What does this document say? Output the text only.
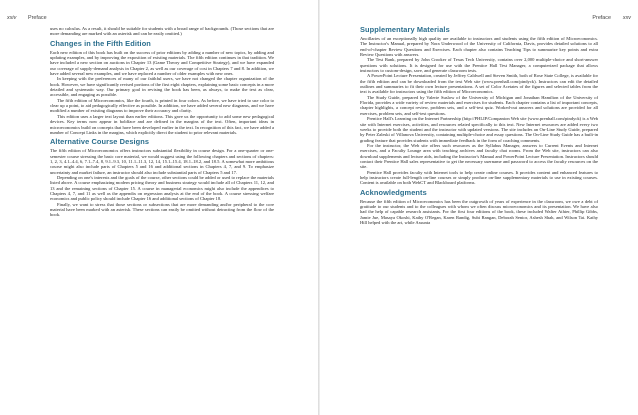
xxiv Preface

uses no calculus. As a result, it should be suitable for students with a broad range of backgrounds. (Those sections that are more demanding are marked with an asterisk and can be easily omitted.)

Changes in the Fifth Edition

Each new edition of this book has built on the success of prior editions by adding a number of new topics, by adding and updating examples, and by improving the exposition of existing materials. The fifth edition continues in that tradition. We have included a new section on auctions in Chapter 13 (Game Theory and Competitive Strategy), and we have expanded our coverage of supply-demand analysis in Chapter 2, as well as our coverage of cost in Chapters 7 and 8. In addition, we have added several new examples, and we have replaced a number of older examples with new ones.

In keeping with the preferences of many of our faithful users, we have not changed the chapter organization of the book. However, we have significantly revised portions of the first eight chapters, explaining some basic concepts in a more detailed and systematic way. Our primary goal in revising the book has been, as always, to make the text as clear, accessible, and engaging as possible.

The fifth edition of Microeconomics, like the fourth, is printed in four colors. As before, we have tried to use color to clear up a point, to aid pedagogically effective as possible. In addition, we have added several new diagrams, and we have modified a number of existing diagrams to improve their accuracy and clarity.

This edition uses a larger text layout than earlier editions. This gave us the opportunity to add some new pedagogical devices. Key terms now appear in boldface and are defined in the margins of the text. Often, important ideas in microeconomics build on concepts that have been developed earlier in the text. In recognition of this fact, we have added a number of Concept Links in the margins, which explicitly direct the student to prior relevant materials.

Alternative Course Designs

The fifth edition of Microeconomics offers instructors substantial flexibility in course design. For a one-quarter or one-semester course stressing the basic core material, we would suggest using the following chapters and sections of chapters: 1, 2, 3, 4.1–4.4, 6, 7.1–7.4, 8, 9.1–9.3, 10, 11.1–11.3, 12, 14, 15.1–15.4, 18.1–18.2, and 18.5. A somewhat more ambitious course might also include parts of Chapters 5 and 16 and additional sections in Chapters 4, 7, and 9. To emphasize uncertainty and market failure, an instructor should also include substantial parts of Chapters 5 and 17.

Depending on one's interests and the goals of the course, other sections could be added or used to replace the materials listed above. A course emphasizing modern pricing theory and business strategy would include all of Chapters 11, 12, and 13 and the remaining sections of Chapter 15. A course in managerial economics might also include the appendices to Chapters 4, 7, and 11 as well as the appendix on regression analysis at the end of the book. A course stressing welfare economics and public policy should include Chapter 16 and additional sections of Chapter 18.

Finally, we want to stress that those sections or subsections that are more demanding and/or peripheral to the core material have been marked with an asterisk. These sections can easily be omitted without detracting from the flow of the book.

Preface xxv
Supplementary Materials

Ancillaries of an exceptionally high quality are available to instructors and students using the fifth edition of Microeconomics. The Instructor's Manual, prepared by Nora Underwood of the University of California, Davis, provides detailed solutions to all end-of-chapter Review Questions and Exercises. Each chapter also contains Teaching Tips to summarize key points and extra Review Questions with answers.

The Test Bank, prepared by John Crooker of Texas Tech University, contains over 2,000 multiple-choice and short-answer questions with solutions. It is designed for use with the Prentice Hall Test Manager, a computerized package that allows instructors to custom-design, save, and generate classroom tests.

A PowerPoint Lecture Presentation, created by Jeffrey Caldwell and Steven Smith, both of Rose State College, is available for the fifth edition and can be downloaded from the text Web site (www.prenhall.com/pindyck). Instructors can edit the detailed outlines and summaries to fit their own lecture presentations. A set of Color Acetates of the figures and selected tables from the text is available for instructors using the fifth edition of Microeconomics.

The Study Guide, prepared by Valerie Suslow of the University of Michigan and Jonathan Hamilton of the University of Florida, provides a wide variety of review materials and exercises for students. Each chapter contains a list of important concepts, chapter highlights, a concept review, problem sets, and a self-test quiz. Worked-out answers and solutions are provided for all exercises, problem sets, and self-test questions.

Prentice Hall's Learning on the Internet Partnership (http://PHLIP/Companion Web site (www.prenhall.com/pindyck) is a Web site with Internet exercises, activities, and resources related specifically to this text. New Internet resources are added every two weeks to provide both the student and the instructor with updated versions. The site includes an On-Line Study Guide, prepared by Peter Zaleski of Villanova University, containing multiple-choice and essay questions. The On-Line Study Guide has a built-in grading feature that provides students with immediate feedback in the form of coaching comments.

For the instructor, the Web site offers such resources as the Syllabus Manager, answers to Current Events and Internet exercises, and a Faculty Lounge area with teaching archives and faculty chat rooms. From the Web site, instructors can also download supplements and lecture aids, including the Instructor's Manual and PowerPoint Lecture Presentation. Instructors should contact their Prentice Hall sales representative to get the necessary username and password to access the faculty resources on the site.

Prentice Hall provides faculty with Internet tools to help create online courses. It provides content and enhanced features to help instructors create full-length on-line courses or simply produce on-line supplementary materials to use in existing courses. Content is available on both WebCT and Blackboard platforms.

Acknowledgments

Because the fifth edition of Microeconomics has been the outgrowth of years of experience in the classroom, we owe a debt of gratitude to our students and to the colleagues with whom we often discuss microeconomics and its presentation. We have also had the help of capable research assistants. For the first four editions of the book, these included Walter Athier, Phillip Gibbs, Jamie Jue, Masaya Okoshi, Kathy O'Regan, Karen Randig, Subi Rangan, Deborah Senior, Ashesh Shah, and Wilson Tai. Kathy Hill helped with the art, while Assunta
